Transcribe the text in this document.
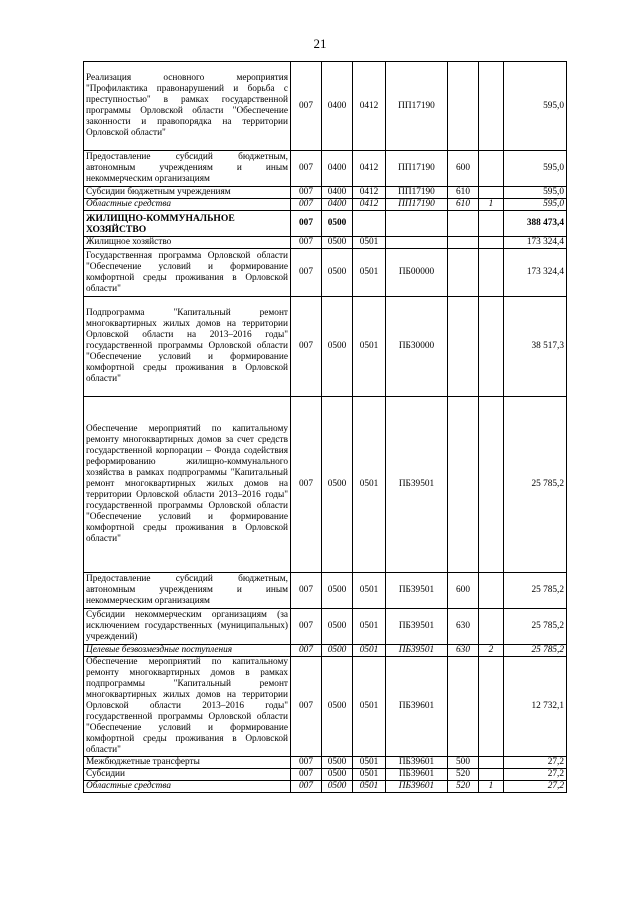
21
Реализация основного мероприятия "Профилактика правонарушений и борьба с преступностью" в рамках государственной программы Орловской области "Обеспечение законности и правопорядка на территории Орловской области"	007	0400	0412	ПП17190			595,0
Предоставление субсидий бюджетным, автономным учреждениям и иным некоммерческим организациям	007	0400	0412	ПП17190	600		595,0
Субсидии бюджетным учреждениям	007	0400	0412	ПП17190	610		595,0
Областные средства	007	0400	0412	ПП17190	610	1	595,0
ЖИЛИЩНО-КОММУНАЛЬНОЕ ХОЗЯЙСТВО	007	0500					388 473,4
Жилищное хозяйство	007	0500	0501				173 324,4
Государственная программа Орловской области "Обеспечение условий и формирование комфортной среды проживания в Орловской области"	007	0500	0501	ПБ00000			173 324,4
Подпрограмма "Капитальный ремонт многоквартирных жилых домов на территории Орловской области на 2013–2016 годы" государственной программы Орловской области "Обеспечение условий и формирование комфортной среды проживания в Орловской области"	007	0500	0501	ПБ30000			38 517,3
Обеспечение мероприятий по капитальному ремонту многоквартирных домов за счет средств государственной корпорации – Фонда содействия реформированию жилищно-коммунального хозяйства в рамках подпрограммы "Капитальный ремонт многоквартирных жилых домов на территории Орловской области 2013–2016 годы" государственной программы Орловской области "Обеспечение условий и формирование комфортной среды проживания в Орловской области"	007	0500	0501	ПБ39501			25 785,2
Предоставление субсидий бюджетным, автономным учреждениям и иным некоммерческим организациям	007	0500	0501	ПБ39501	600		25 785,2
Субсидии некоммерческим организациям (за исключением государственных (муниципальных) учреждений)	007	0500	0501	ПБ39501	630		25 785,2
Целевые безвозмездные поступления	007	0500	0501	ПБ39501	630	2	25 785,2
Обеспечение мероприятий по капитальному ремонту многоквартирных домов в рамках подпрограммы "Капитальный ремонт многоквартирных жилых домов на территории Орловской области 2013–2016 годы" государственной программы Орловской области "Обеспечение условий и формирование комфортной среды проживания в Орловской области"	007	0500	0501	ПБ39601			12 732,1
Межбюджетные трансферты	007	0500	0501	ПБ39601	500		27,2
Субсидии	007	0500	0501	ПБ39601	520		27,2
Областные средства	007	0500	0501	ПБ39601	520	1	27,2
